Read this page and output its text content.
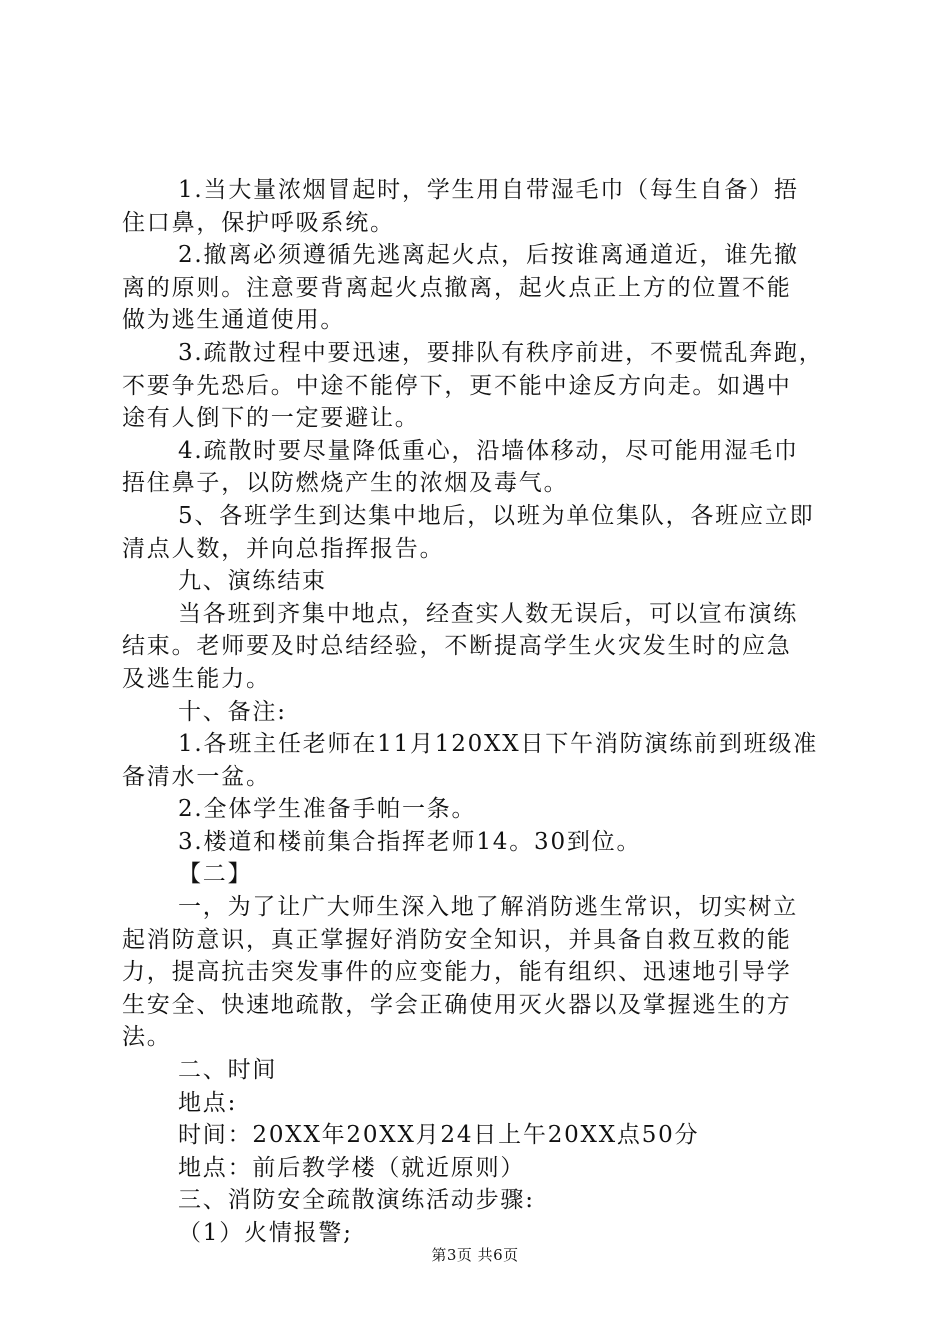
1.当大量浓烟冒起时，学生用自带湿毛巾（每生自备）捂
住口鼻，保护呼吸系统。
2.撤离必须遵循先逃离起火点，后按谁离通道近，谁先撤
离的原则。注意要背离起火点撤离，起火点正上方的位置不能
做为逃生通道使用。
3.疏散过程中要迅速，要排队有秩序前进，不要慌乱奔跑，
不要争先恐后。中途不能停下，更不能中途反方向走。如遇中
途有人倒下的一定要避让。
4.疏散时要尽量降低重心，沿墙体移动，尽可能用湿毛巾
捂住鼻子，以防燃烧产生的浓烟及毒气。
5、各班学生到达集中地后，以班为单位集队，各班应立即
清点人数，并向总指挥报告。
九、演练结束
当各班到齐集中地点，经查实人数无误后，可以宣布演练
结束。老师要及时总结经验，不断提高学生火灾发生时的应急
及逃生能力。
十、备注:
1.各班主任老师在11月120XX日下午消防演练前到班级准
备清水一盆。
2.全体学生准备手帕一条。
3.楼道和楼前集合指挥老师14。30到位。
【二】
一，为了让广大师生深入地了解消防逃生常识，切实树立
起消防意识，真正掌握好消防安全知识，并具备自救互救的能
力，提高抗击突发事件的应变能力，能有组织、迅速地引导学
生安全、快速地疏散，学会正确使用灭火器以及掌握逃生的方
法。
二、时间
地点:
时间：20XX年20XX月24日上午20XX点50分
地点：前后教学楼（就近原则）
三、消防安全疏散演练活动步骤:
（1）火情报警;
第3页 共6页
